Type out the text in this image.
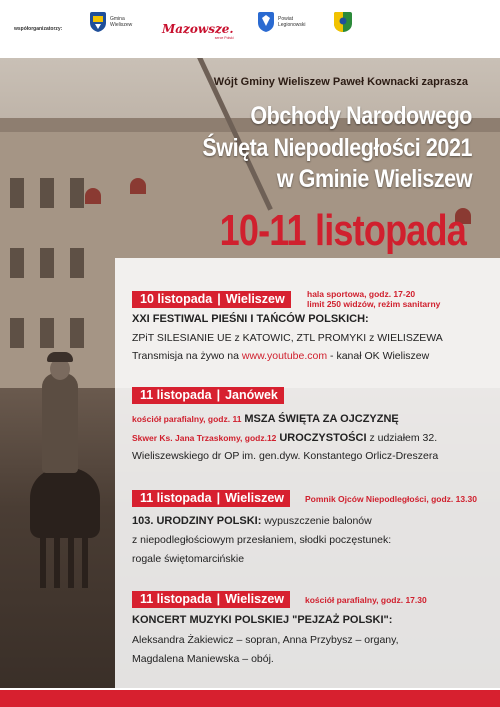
współorganizatorzy:
Gmina
Wieliszew Mazowsze.
serce Polski
Powiat
Legionowski
Wójt Gminy Wieliszew Paweł Kownacki zaprasza
Obchody Narodowego
Święta Niepodległości 2021
w Gminie Wieliszew
10-11 listopada
10 listopada | Wieliszew	hala sportowa, godz. 17-20
limit 250 widzów, reżim sanitarny
XXI FESTIWAL PIEŚNI I TAŃCÓW POLSKICH:
ZPiT SILESIANIE UE z KATOWIC, ZTL PROMYKI z WIELISZEWA
Transmisja na żywo na www.youtube.com - kanał OK Wieliszew
11 listopada | Janówek
kościół parafialny, godz. 11 MSZA ŚWIĘTA ZA OJCZYZNĘ
Skwer Ks. Jana Trzaskomy, godz.12 UROCZYSTOŚCI z udziałem 32.
Wieliszewskiego dr OP im. gen.dyw. Konstantego Orlicz-Dreszera
11 listopada | Wieliszew	Pomnik Ojców Niepodległości, godz. 13.30
103. URODZINY POLSKI: wypuszczenie balonów
z niepodległościowym przesłaniem, słodki poczęstunek:
rogale świętomarcińskie
11 listopada | Wieliszew	kościół parafialny, godz. 17.30
KONCERT MUZYKI POLSKIEJ "PEJZAŻ POLSKI":
Aleksandra Żakiewicz – sopran, Anna Przybysz – organy,
Magdalena Maniewska – obój.
